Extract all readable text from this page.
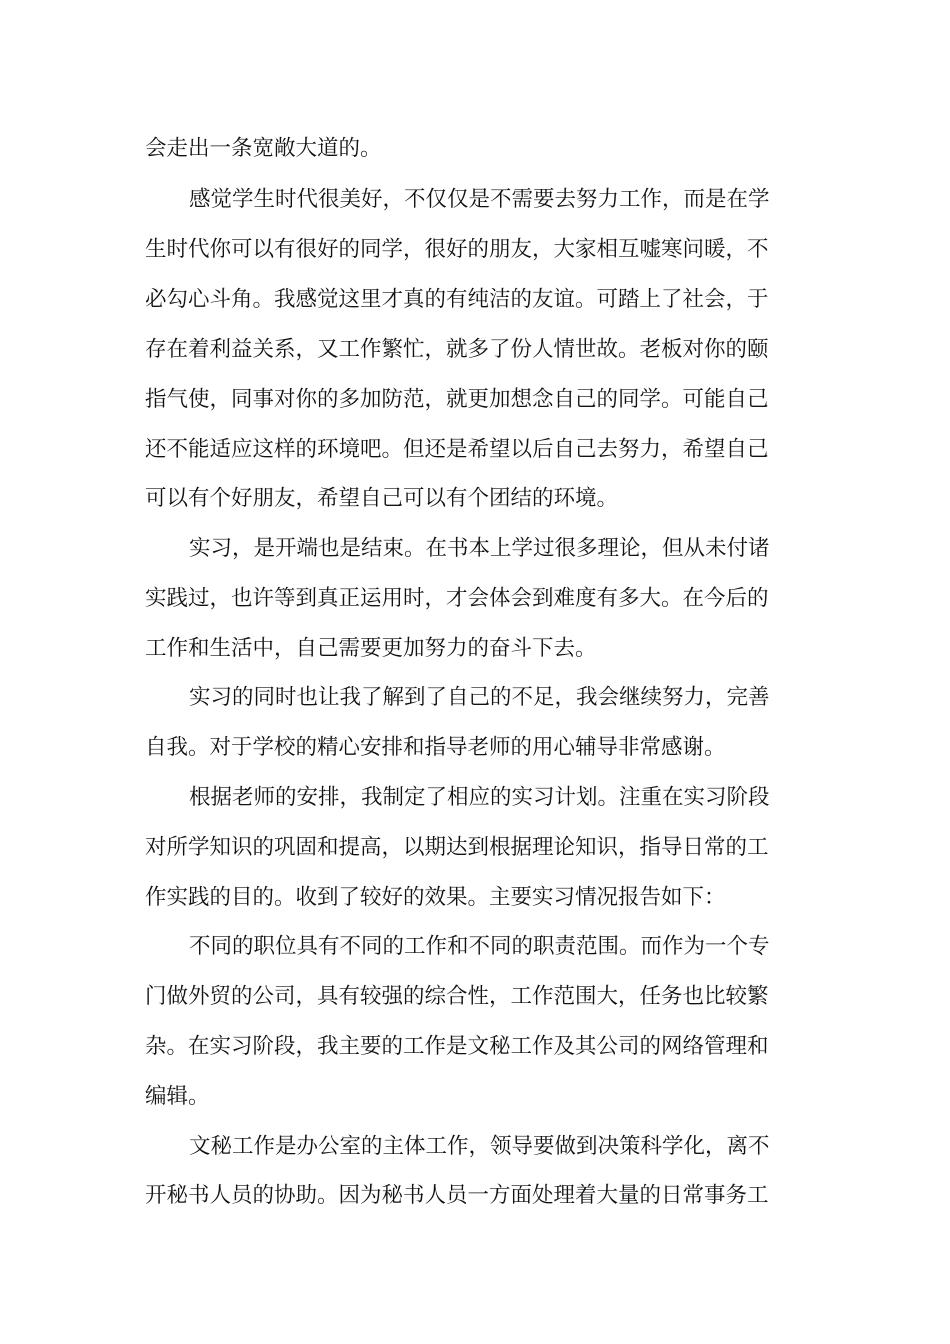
会走出一条宽敞大道的。
感觉学生时代很美好，不仅仅是不需要去努力工作，而是在学
生时代你可以有很好的同学，很好的朋友，大家相互嘘寒问暖，不
必勾心斗角。我感觉这里才真的有纯洁的友谊。可踏上了社会，于
存在着利益关系，又工作繁忙，就多了份人情世故。老板对你的颐
指气使，同事对你的多加防范，就更加想念自己的同学。可能自己
还不能适应这样的环境吧。但还是希望以后自己去努力，希望自己
可以有个好朋友，希望自己可以有个团结的环境。
实习，是开端也是结束。在书本上学过很多理论，但从未付诸
实践过，也许等到真正运用时，才会体会到难度有多大。在今后的
工作和生活中，自己需要更加努力的奋斗下去。
实习的同时也让我了解到了自己的不足，我会继续努力，完善
自我。对于学校的精心安排和指导老师的用心辅导非常感谢。
根据老师的安排，我制定了相应的实习计划。注重在实习阶段
对所学知识的巩固和提高，以期达到根据理论知识，指导日常的工
作实践的目的。收到了较好的效果。主要实习情况报告如下：
不同的职位具有不同的工作和不同的职责范围。而作为一个专
门做外贸的公司，具有较强的综合性，工作范围大，任务也比较繁
杂。在实习阶段，我主要的工作是文秘工作及其公司的网络管理和
编辑。
文秘工作是办公室的主体工作，领导要做到决策科学化，离不
开秘书人员的协助。因为秘书人员一方面处理着大量的日常事务工
